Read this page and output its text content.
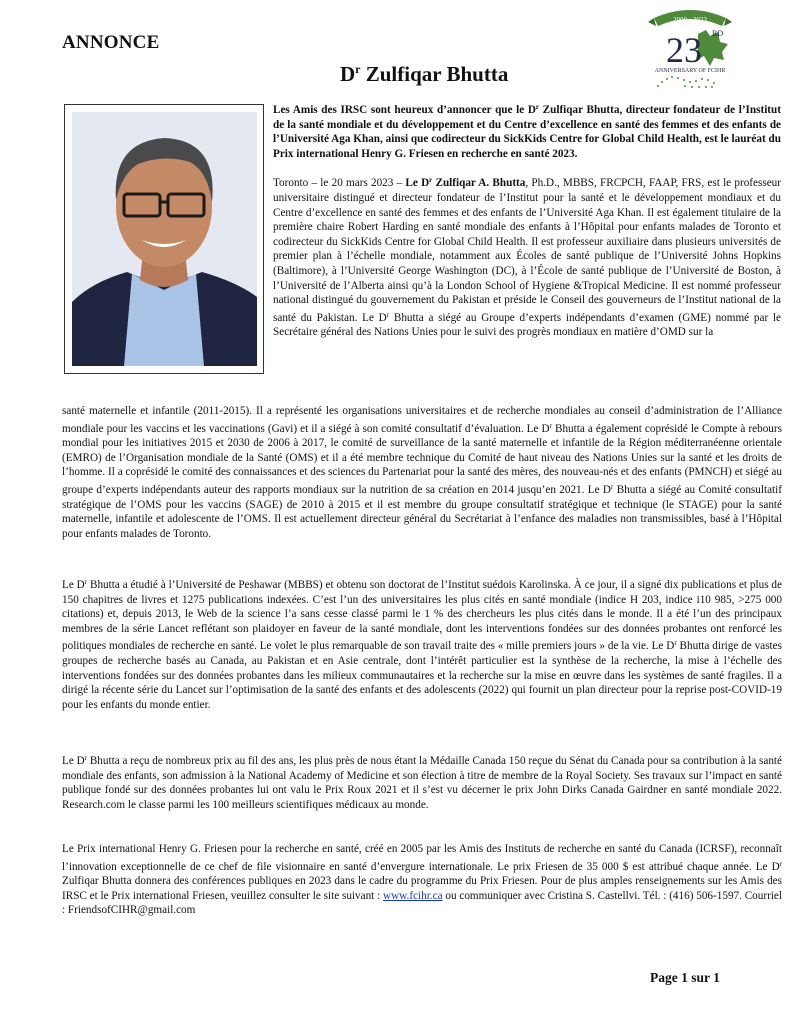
ANNONCE
$D^r$ Zulfiqar Bhutta
2000 - 2023
23 RD
ANNIVERSARY OF FCIHR

Les Amis des IRSC sont heureux d’annoncer que le $D^r$ Zulfiqar Bhutta, directeur fondateur de l’Institut de la santé mondiale et du développement et du Centre d’excellence en santé des femmes et des enfants de l’Université Aga Khan, ainsi que codirecteur du SickKids Centre for Global Child Health, est le lauréat du Prix international Henry G. Friesen en recherche en santé 2023.

Toronto – le 20 mars 2023 – Le $D^r$ Zulfiqar A. Bhutta, Ph.D., MBBS, FRCPCH, FAAP, FRS, est le professeur universitaire distingué et directeur fondateur de l’Institut pour la santé et le développement mondiaux et du Centre d’excellence en santé des femmes et des enfants de l’Université Aga Khan. Il est également titulaire de la première chaire Robert Harding en santé mondiale des enfants à l’Hôpital pour enfants malades de Toronto et codirecteur du SickKids Centre for Global Child Health. Il est professeur auxiliaire dans plusieurs universités de premier plan à l’échelle mondiale, notamment aux Écoles de santé publique de l’Université Johns Hopkins (Baltimore), à l’Université George Washington (DC), à l’École de santé publique de l’Université de Boston, à l’Université de l’Alberta ainsi qu’à la London School of Hygiene &Tropical Medicine. Il est nommé professeur national distingué du gouvernement du Pakistan et préside le Conseil des gouverneurs de l’Institut national de la santé du Pakistan. Le $D^r$ Bhutta a siégé au Groupe d’experts indépendants d’examen (GME) nommé par le Secrétaire général des Nations Unies pour le suivi des progrès mondiaux en matière d’OMD sur la

santé maternelle et infantile (2011-2015). Il a représenté les organisations universitaires et de recherche mondiales au conseil d’administration de l’Alliance mondiale pour les vaccins et les vaccinations (Gavi) et il a siégé à son comité consultatif d’évaluation. Le $D^r$ Bhutta a également coprésidé le Compte à rebours mondial pour les initiatives 2015 et 2030 de 2006 à 2017, le comité de surveillance de la santé maternelle et infantile de la Région méditerranéenne orientale (EMRO) de l’Organisation mondiale de la Santé (OMS) et il a été membre technique du Comité de haut niveau des Nations Unies sur la santé et les droits de l’homme. Il a coprésidé le comité des connaissances et des sciences du Partenariat pour la santé des mères, des nouveau-nés et des enfants (PMNCH) et siégé au groupe d’experts indépendants auteur des rapports mondiaux sur la nutrition de sa création en 2014 jusqu’en 2021. Le $D^r$ Bhutta a siégé au Comité consultatif stratégique de l’OMS pour les vaccins (SAGE) de 2010 à 2015 et il est membre du groupe consultatif stratégique et technique (le STAGE) pour la santé maternelle, infantile et adolescente de l’OMS. Il est actuellement directeur général du Secrétariat à l’enfance des maladies non transmissibles, basé à l’Hôpital pour enfants malades de Toronto.

Le $D^r$ Bhutta a étudié à l’Université de Peshawar (MBBS) et obtenu son doctorat de l’Institut suédois Karolinska. À ce jour, il a signé dix publications et plus de 150 chapitres de livres et 1275 publications indexées. C’est l’un des universitaires les plus cités en santé mondiale (indice H 203, indice i10 985, >275 000 citations) et, depuis 2013, le Web de la science l’a sans cesse classé parmi le 1 % des chercheurs les plus cités dans le monde. Il a été l’un des principaux membres de la série Lancet reflétant son plaidoyer en faveur de la santé mondiale, dont les interventions fondées sur des données probantes ont renforcé les politiques mondiales de recherche en santé. Le volet le plus remarquable de son travail traite des « mille premiers jours » de la vie. Le $D^r$ Bhutta dirige de vastes groupes de recherche basés au Canada, au Pakistan et en Asie centrale, dont l’intérêt particulier est la synthèse de la recherche, la mise à l’échelle des interventions fondées sur des données probantes dans les milieux communautaires et la recherche sur la mise en œuvre dans les systèmes de santé fragiles. Il a dirigé la récente série du Lancet sur l’optimisation de la santé des enfants et des adolescents (2022) qui fournit un plan directeur pour la reprise post-COVID-19 pour les enfants du monde entier.

Le $D^r$ Bhutta a reçu de nombreux prix au fil des ans, les plus près de nous étant la Médaille Canada 150 reçue du Sénat du Canada pour sa contribution à la santé mondiale des enfants, son admission à la National Academy of Medicine et son élection à titre de membre de la Royal Society. Ses travaux sur l’impact en santé publique fondé sur des données probantes lui ont valu le Prix Roux 2021 et il s’est vu décerner le prix John Dirks Canada Gairdner en santé mondiale 2022. Research.com le classe parmi les 100 meilleurs scientifiques médicaux au monde.

Le Prix international Henry G. Friesen pour la recherche en santé, créé en 2005 par les Amis des Instituts de recherche en santé du Canada (ICRSF), reconnaît l’innovation exceptionnelle de ce chef de file visionnaire en santé d’envergure internationale. Le prix Friesen de 35 000 $ est attribué chaque année. Le $D^r$ Zulfiqar Bhutta donnera des conférences publiques en 2023 dans le cadre du programme du Prix Friesen. Pour de plus amples renseignements sur les Amis des IRSC et le Prix international Friesen, veuillez consulter le site suivant : www.fcihr.ca ou communiquer avec Cristina S. Castellvi. Tél. : (416) 506-1597. Courriel : FriendsofCIHR@gmail.com

Page 1 sur 1
